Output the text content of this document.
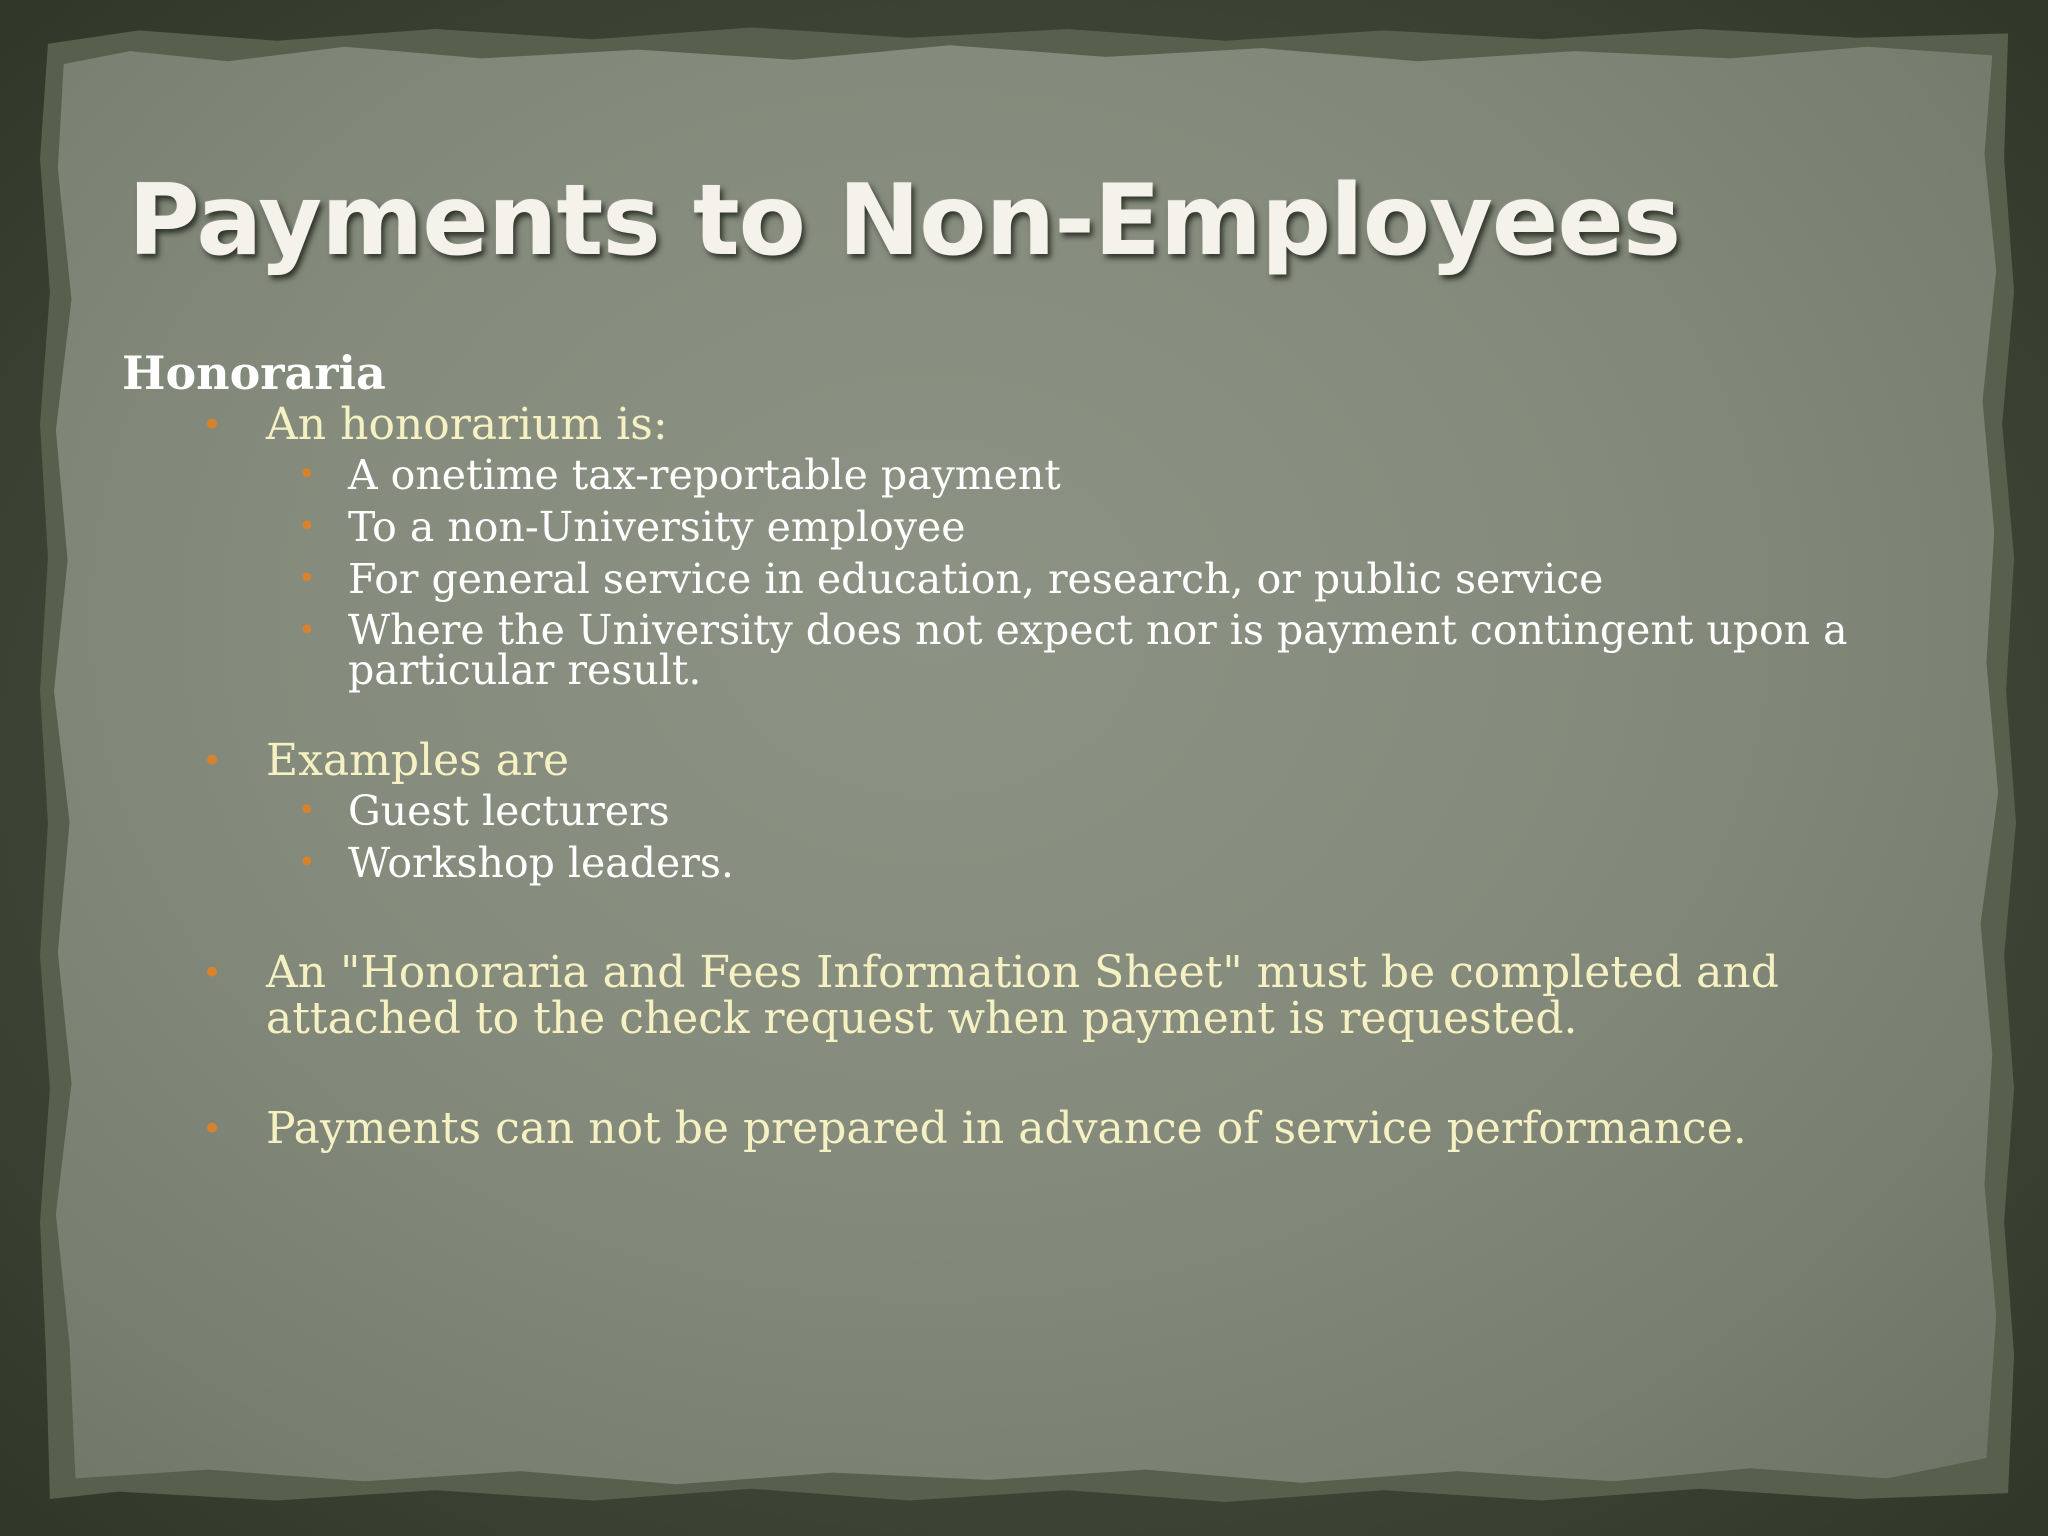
Payments to Non-Employees

Honoraria

• An honorarium is:
• A onetime tax-reportable payment
• To a non-University employee
• For general service in education, research, or public service
• Where the University does not expect nor is payment contingent upon a particular result.
• Examples are
• Guest lecturers
• Workshop leaders.
• An "Honoraria and Fees Information Sheet" must be completed and attached to the check request when payment is requested.
• Payments can not be prepared in advance of service performance.
